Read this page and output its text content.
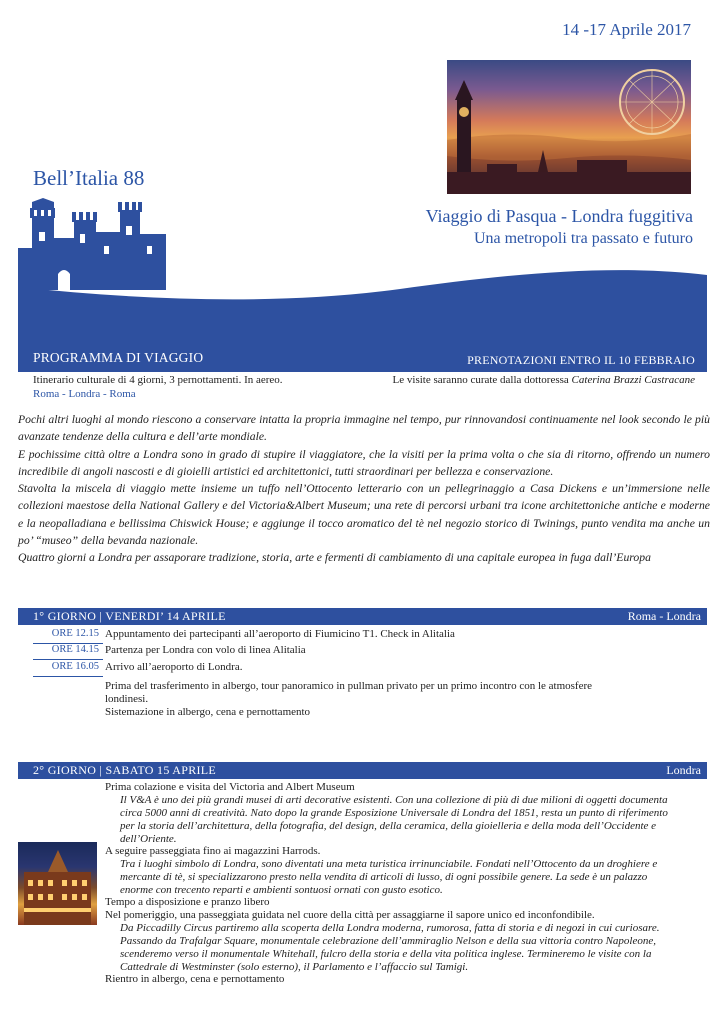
14 -17 Aprile 2017
Bell’Italia 88
Viaggio di Pasqua - Londra fuggitiva
Una metropoli tra passato e futuro
PROGRAMMA DI VIAGGIO	PRENOTAZIONI ENTRO IL 10 FEBBRAIO
Itinerario culturale di 4 giorni, 3 pernottamenti. In aereo.
Roma - Londra - Roma
Le visite saranno curate dalla dottoressa Caterina Brazzi Castracane

Pochi altri luoghi al mondo riescono a conservare intatta la propria immagine nel tempo, pur rinnovandosi continuamente nel look secondo le più avanzate tendenze della cultura e dell’arte mondiale.

E pochissime città oltre a Londra sono in grado di stupire il viaggiatore, che la visiti per la prima volta o che sia di ritorno, offrendo un numero incredibile di angoli nascosti e di gioielli artistici ed architettonici, tutti straordinari per bellezza e conservazione.

Stavolta la miscela di viaggio mette insieme un tuffo nell’Ottocento letterario con un pellegrinaggio a Casa Dickens e un’immersione nelle collezioni maestose della National Gallery e del Victoria&Albert Museum; una rete di percorsi urbani tra icone architettoniche antiche e moderne e la neopalladiana e bellissima Chiswick House; e aggiunge il tocco aromatico del tè nel negozio storico di Twinings, punto vendita ma anche un po’ “museo” della bevanda nazionale.

Quattro giorni a Londra per assaporare tradizione, storia, arte e fermenti di cambiamento di una capitale europea in fuga dall’Europa

1° GIORNO | VENERDI’ 14 APRILE	Roma - Londra
ORE 12.15 Appuntamento dei partecipanti all’aeroporto di Fiumicino T1. Check in Alitalia
ORE 14.15 Partenza per Londra con volo di linea Alitalia
ORE 16.05 Arrivo all’aeroporto di Londra.
Prima del trasferimento in albergo, tour panoramico in pullman privato per un primo incontro con le atmosfere
londinesi.
Sistemazione in albergo, cena e pernottamento
2° GIORNO | SABATO 15 APRILE	Londra
Prima colazione e visita del Victoria and Albert Museum
Il V&A è uno dei più grandi musei di arti decorative esistenti. Con una collezione di più di due milioni di oggetti documenta circa 5000 anni di creatività. Nato dopo la grande Esposizione Universale di Londra del 1851, resta un punto di riferimento per la storia dell’architettura, della fotografia, del design, della ceramica, della gioielleria e della moda dell’Occidente e dell’Oriente.
A seguire passeggiata fino ai magazzini Harrods.
Tra i luoghi simbolo di Londra, sono diventati una meta turistica irrinunciabile. Fondati nell’Ottocento da un droghiere e mercante di tè, si specializzarono presto nella vendita di articoli di lusso, di ogni possibile genere. La sede è un palazzo enorme con trecento reparti e ambienti sontuosi ornati con gusto esotico.
Tempo a disposizione e pranzo libero
Nel pomeriggio, una passeggiata guidata nel cuore della città per assaggiarne il sapore unico ed inconfondibile.
Da Piccadilly Circus partiremo alla scoperta della Londra moderna, rumorosa, fatta di storia e di negozi in cui curiosare. Passando da Trafalgar Square, monumentale celebrazione dell’ammiraglio Nelson e della sua vittoria contro Napoleone, scenderemo verso il monumentale Whitehall, fulcro della storia e della vita politica inglese. Termineremo le visite con la Cattedrale di Westminster (solo esterno), il Parlamento e l’affaccio sul Tamigi.
Rientro in albergo, cena e pernottamento
